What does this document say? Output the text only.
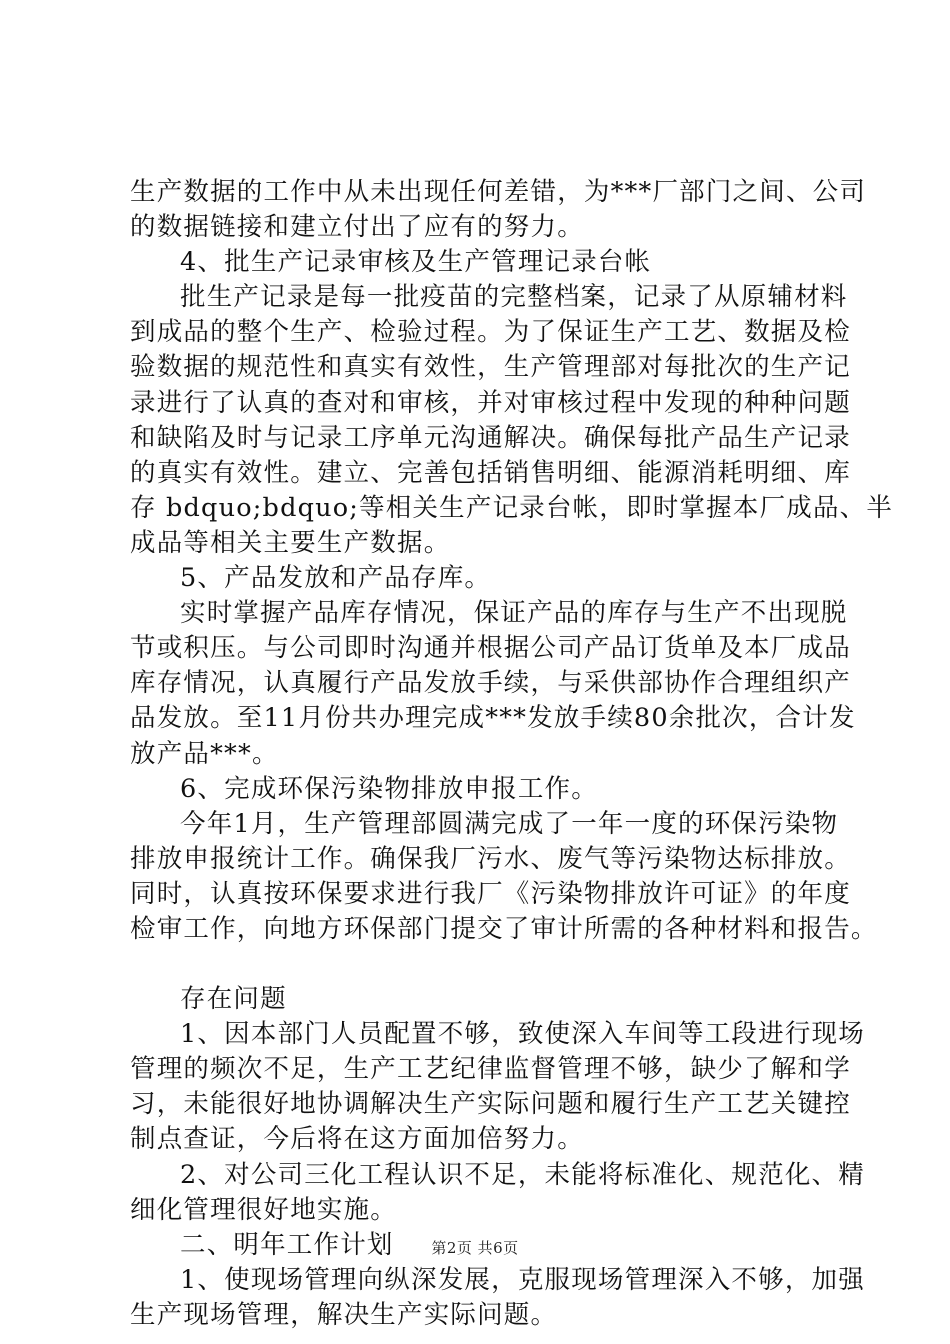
生产数据的工作中从未出现任何差错，为***厂部门之间、公司
的数据链接和建立付出了应有的努力。
4、批生产记录审核及生产管理记录台帐
批生产记录是每一批疫苗的完整档案，记录了从原辅材料
到成品的整个生产、检验过程。为了保证生产工艺、数据及检
验数据的规范性和真实有效性，生产管理部对每批次的生产记
录进行了认真的查对和审核，并对审核过程中发现的种种问题
和缺陷及时与记录工序单元沟通解决。确保每批产品生产记录
的真实有效性。建立、完善包括销售明细、能源消耗明细、库
存 bdquo;bdquo;等相关生产记录台帐，即时掌握本厂成品、半
成品等相关主要生产数据。
5、产品发放和产品存库。
实时掌握产品库存情况，保证产品的库存与生产不出现脱
节或积压。与公司即时沟通并根据公司产品订货单及本厂成品
库存情况，认真履行产品发放手续，与采供部协作合理组织产
品发放。至11月份共办理完成***发放手续80余批次，合计发
放产品***。
6、完成环保污染物排放申报工作。
今年1月，生产管理部圆满完成了一年一度的环保污染物
排放申报统计工作。确保我厂污水、废气等污染物达标排放。
同时，认真按环保要求进行我厂《污染物排放许可证》的年度
检审工作，向地方环保部门提交了审计所需的各种材料和报告。
存在问题
1、因本部门人员配置不够，致使深入车间等工段进行现场
管理的频次不足，生产工艺纪律监督管理不够，缺少了解和学
习，未能很好地协调解决生产实际问题和履行生产工艺关键控
制点查证，今后将在这方面加倍努力。
2、对公司三化工程认识不足，未能将标准化、规范化、精
细化管理很好地实施。
二、明年工作计划
1、使现场管理向纵深发展，克服现场管理深入不够，加强
生产现场管理，解决生产实际问题。
第2页 共6页
